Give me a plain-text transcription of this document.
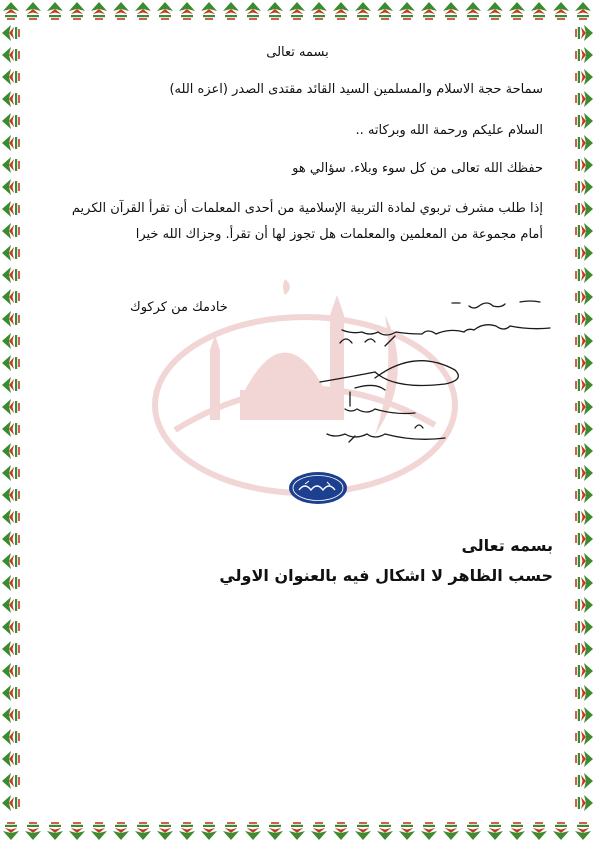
بسمه تعالى
سماحة حجة الاسلام والمسلمين السيد القائد مقتدى الصدر (اعزه الله)
السلام عليكم ورحمة الله وبركاته ..
حفظك الله تعالى من كل سوء وبلاء. سؤالي هو
إذا طلب مشرف تربوي لمادة التربية الإسلامية من أحدى المعلمات أن تقرأ القرآن الكريم أمام مجموعة من المعلمين والمعلمات هل تجوز لها أن تقرأ. وجزاك الله خيرا
خادمك من كركوك
بسمه تعالى
حسب الظاهر لا اشكال فيه بالعنوان الاولي
